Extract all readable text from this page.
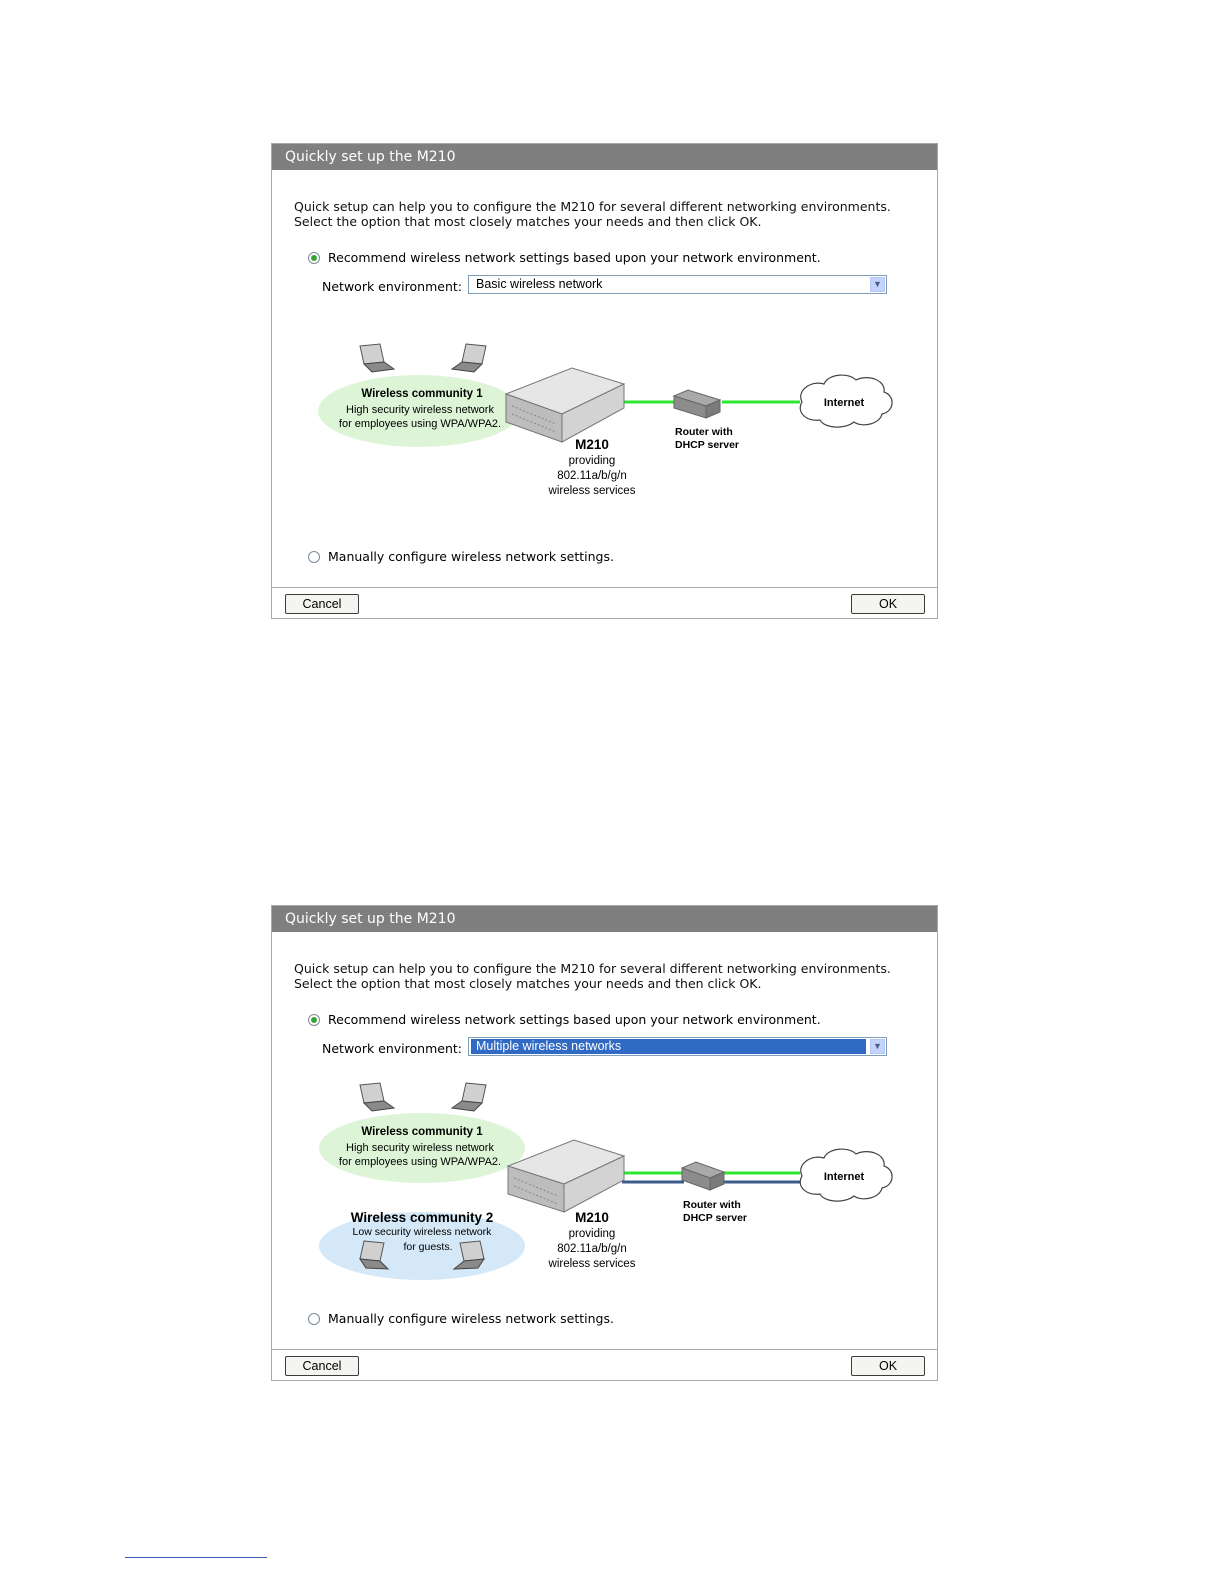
Quickly set up the M210
Quick setup can help you to configure the M210 for several different networking environments.
Select the option that most closely matches your needs and then click OK.
Recommend wireless network settings based upon your network environment.
Network environment:	Basic wireless network	▼
Wireless community 1
High security wireless network
for employees using WPA/WPA2.
M210
providing
802.11a/b/g/n
wireless services
Router with
DHCP server
Internet
Manually configure wireless network settings.
Cancel	OK
Quickly set up the M210
Quick setup can help you to configure the M210 for several different networking environments.
Select the option that most closely matches your needs and then click OK.
Recommend wireless network settings based upon your network environment.
Network environment:	Multiple wireless networks	▼
Wireless community 1
High security wireless network
for employees using WPA/WPA2.
Wireless community 2
Low security wireless network
for guests.
M210
providing
802.11a/b/g/n
wireless services
Router with
DHCP server
Internet
Manually configure wireless network settings.
Cancel	OK
